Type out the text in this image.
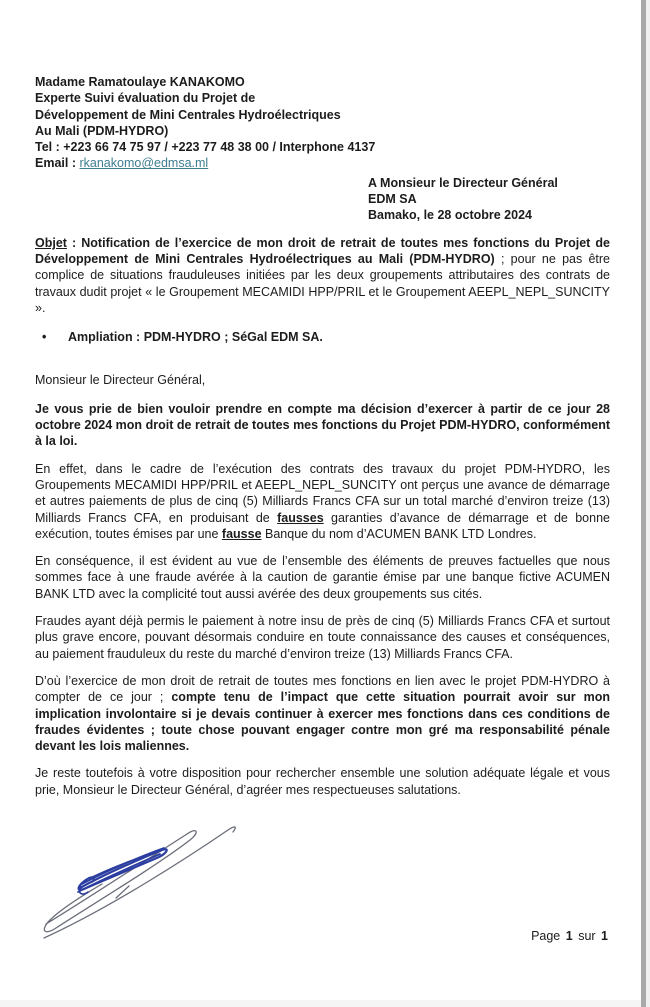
Madame Ramatoulaye KANAKOMO
Experte Suivi évaluation du Projet de
Développement de Mini Centrales Hydroélectriques
Au Mali (PDM-HYDRO)
Tel : +223 66 74 75 97 / +223 77 48 38 00 / Interphone 4137
Email : rkanakomo@edmsa.ml
A Monsieur le Directeur Général
EDM SA
Bamako, le 28 octobre 2024

Objet : Notification de l’exercice de mon droit de retrait de toutes mes fonctions du Projet de Développement de Mini Centrales Hydroélectriques au Mali (PDM-HYDRO) ; pour ne pas être complice de situations frauduleuses initiées par les deux groupements attributaires des contrats de travaux dudit projet « le Groupement MECAMIDI HPP/PRIL et le Groupement AEEPL_NEPL_SUNCITY ».

•	Ampliation : PDM-HYDRO ; SéGal EDM SA.

Monsieur le Directeur Général,

Je vous prie de bien vouloir prendre en compte ma décision d’exercer à partir de ce jour 28 octobre 2024 mon droit de retrait de toutes mes fonctions du Projet PDM-HYDRO, conformément à la loi.

En effet, dans le cadre de l’exécution des contrats des travaux du projet PDM-HYDRO, les Groupements MECAMIDI HPP/PRIL et AEEPL_NEPL_SUNCITY ont perçus une avance de démarrage et autres paiements de plus de cinq (5) Milliards Francs CFA sur un total marché d’environ treize (13) Milliards Francs CFA, en produisant de fausses garanties d’avance de démarrage et de bonne exécution, toutes émises par une fausse Banque du nom d’ACUMEN BANK LTD Londres.

En conséquence, il est évident au vue de l’ensemble des éléments de preuves factuelles que nous sommes face à une fraude avérée à la caution de garantie émise par une banque fictive ACUMEN BANK LTD avec la complicité tout aussi avérée des deux groupements sus cités.

Fraudes ayant déjà permis le paiement à notre insu de près de cinq (5) Milliards Francs CFA et surtout plus grave encore, pouvant désormais conduire en toute connaissance des causes et conséquences, au paiement frauduleux du reste du marché d’environ treize (13) Milliards Francs CFA.

D’où l’exercice de mon droit de retrait de toutes mes fonctions en lien avec le projet PDM-HYDRO à compter de ce jour ; compte tenu de l’impact que cette situation pourrait avoir sur mon implication involontaire si je devais continuer à exercer mes fonctions dans ces conditions de fraudes évidentes ; toute chose pouvant engager contre mon gré ma responsabilité pénale devant les lois maliennes.

Je reste toutefois à votre disposition pour rechercher ensemble une solution adéquate légale et vous prie, Monsieur le Directeur Général, d’agréer mes respectueuses salutations.

Page 1 sur 1
